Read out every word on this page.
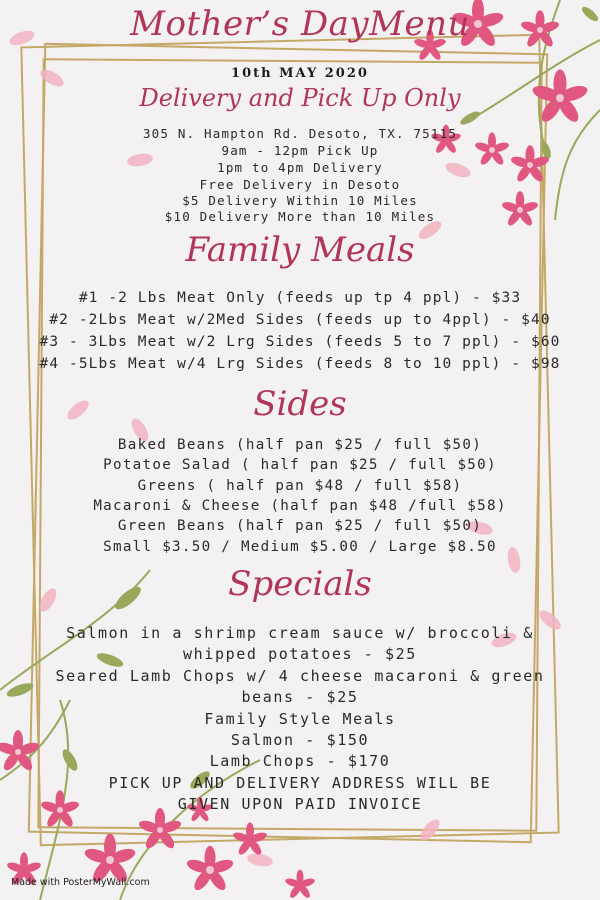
Mother’s DayMenu
10th MAY 2020
Delivery and Pick Up Only
305 N. Hampton Rd. Desoto, TX. 75115
9am - 12pm Pick Up
1pm to 4pm Delivery
Free Delivery in Desoto
$5 Delivery Within 10 Miles
$10 Delivery More than 10 Miles
Family Meals
#1 -2 Lbs Meat Only (feeds up tp 4 ppl) - $33
#2 -2Lbs Meat w/2Med Sides (feeds up to 4ppl) - $40
#3 - 3Lbs Meat w/2 Lrg Sides (feeds 5 to 7 ppl) - $60
#4 -5Lbs Meat w/4 Lrg Sides (feeds 8 to 10 ppl) - $98
Sides
Baked Beans (half pan $25 / full $50)
Potatoe Salad ( half pan $25 / full $50)
Greens ( half pan $48 / full $58)
Macaroni & Cheese (half pan $48 /full $58)
Green Beans (half pan $25 / full $50)
Small $3.50 / Medium $5.00 / Large $8.50
Specials
Salmon in a shrimp cream sauce w/ broccoli &
whipped potatoes - $25
Seared Lamb Chops w/ 4 cheese macaroni & green
beans - $25
Family Style Meals
Salmon - $150
Lamb Chops - $170
PICK UP AND DELIVERY ADDRESS WILL BE
GIVEN UPON PAID INVOICE
Made with PosterMyWall.com
